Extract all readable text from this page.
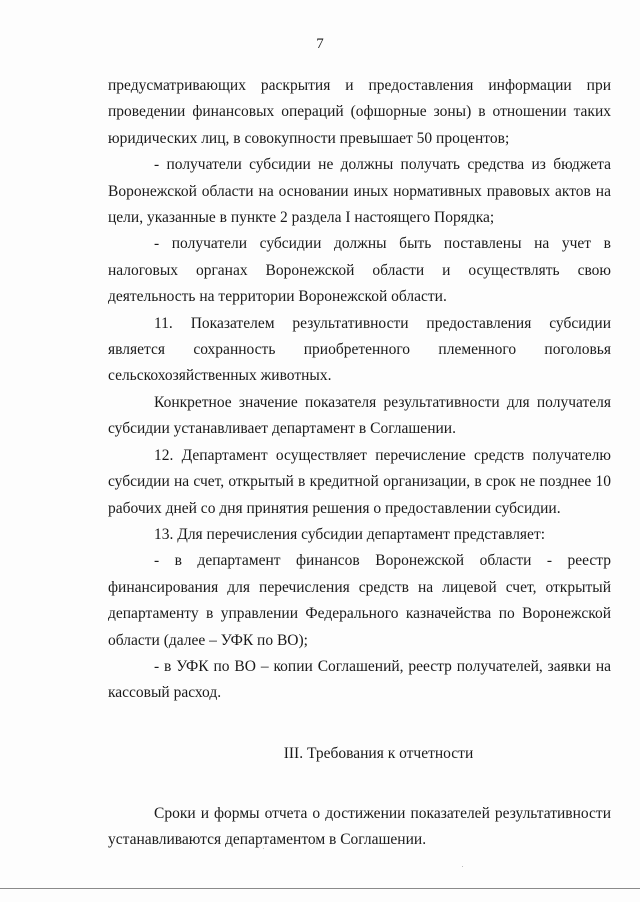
7

предусматривающих раскрытия и предоставления информации при проведении финансовых операций (офшорные зоны) в отношении таких юридических лиц, в совокупности превышает 50 процентов;

- получатели субсидии не должны получать средства из бюджета Воронежской области на основании иных нормативных правовых актов на цели, указанные в пункте 2 раздела I настоящего Порядка;

- получатели субсидии должны быть поставлены на учет в налоговых органах Воронежской области и осуществлять свою деятельность на территории Воронежской области.

11. Показателем результативности предоставления субсидии является сохранность приобретенного племенного поголовья сельскохозяйственных животных.

Конкретное значение показателя результативности для получателя субсидии устанавливает департамент в Соглашении.

12. Департамент осуществляет перечисление средств получателю субсидии на счет, открытый в кредитной организации, в срок не позднее 10 рабочих дней со дня принятия решения о предоставлении субсидии.

13. Для перечисления субсидии департамент представляет:

- в департамент финансов Воронежской области - реестр финансирования для перечисления средств на лицевой счет, открытый департаменту в управлении Федерального казначейства по Воронежской области (далее – УФК по ВО);

- в УФК по ВО – копии Соглашений, реестр получателей, заявки на кассовый расход.

III. Требования к отчетности

Сроки и формы отчета о достижении показателей результативности устанавливаются департаментом в Соглашении.
